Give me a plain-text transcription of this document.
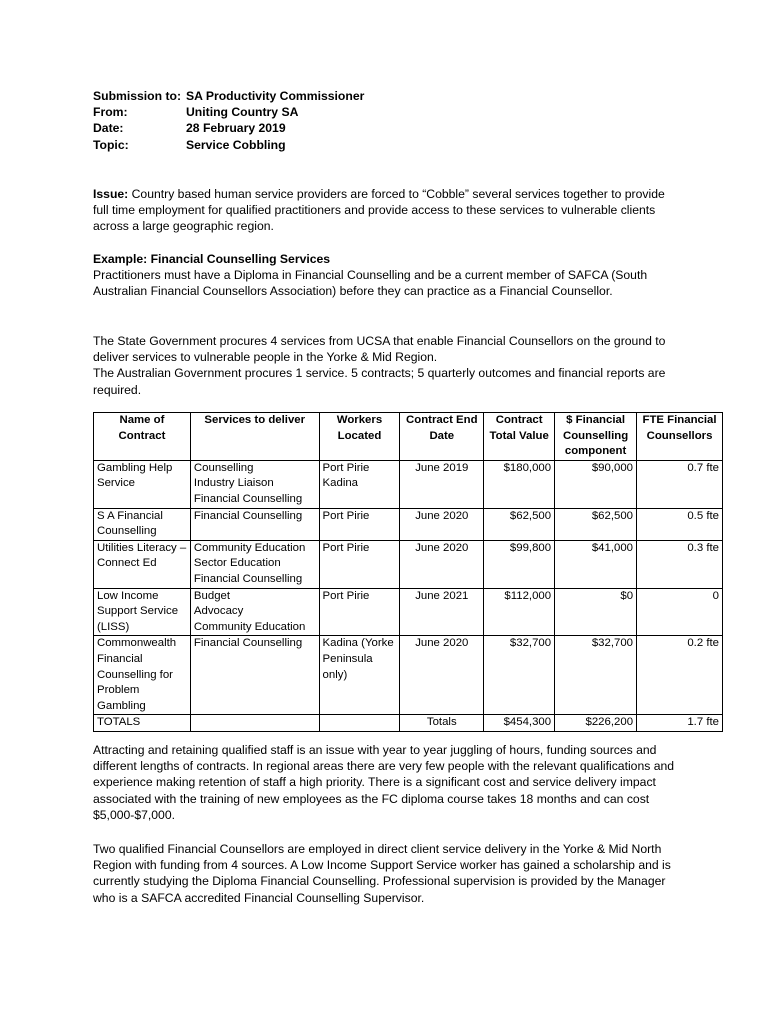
Submission to: SA Productivity Commissioner
From:	Uniting Country SA
Date:	28 February 2019
Topic:	Service Cobbling

Issue: Country based human service providers are forced to “Cobble” several services together to provide full time employment for qualified practitioners and provide access to these services to vulnerable clients across a large geographic region.

Example: Financial Counselling Services

Practitioners must have a Diploma in Financial Counselling and be a current member of SAFCA (South Australian Financial Counsellors Association) before they can practice as a Financial Counsellor.

The State Government procures 4 services from UCSA that enable Financial Counsellors on the ground to deliver services to vulnerable people in the Yorke & Mid Region.

The Australian Government procures 1 service. 5 contracts; 5 quarterly outcomes and financial reports are required.

Name of Contract	Services to deliver	Workers Located	Contract End Date	Contract Total Value	$ Financial Counselling component	FTE Financial Counsellors
Gambling Help Service	Counselling
Industry Liaison
Financial Counselling	Port Pirie Kadina	June 2019	$180,000	$90,000	0.7 fte
S A Financial Counselling	Financial Counselling	Port Pirie	June 2020	$62,500	$62,500	0.5 fte
Utilities Literacy – Connect Ed	Community Education
Sector Education
Financial Counselling	Port Pirie	June 2020	$99,800	$41,000	0.3 fte
Low Income Support Service (LISS)	Budget
Advocacy
Community Education	Port Pirie	June 2021	$112,000	$0	0
Commonwealth Financial Counselling for Problem Gambling	Financial Counselling	Kadina (Yorke Peninsula only)	June 2020	$32,700	$32,700	0.2 fte
TOTALS			Totals	$454,300	$226,200	1.7 fte

Attracting and retaining qualified staff is an issue with year to year juggling of hours, funding sources and different lengths of contracts. In regional areas there are very few people with the relevant qualifications and experience making retention of staff a high priority. There is a significant cost and service delivery impact associated with the training of new employees as the FC diploma course takes 18 months and can cost $5,000-$7,000.

Two qualified Financial Counsellors are employed in direct client service delivery in the Yorke & Mid North Region with funding from 4 sources. A Low Income Support Service worker has gained a scholarship and is currently studying the Diploma Financial Counselling. Professional supervision is provided by the Manager who is a SAFCA accredited Financial Counselling Supervisor.
